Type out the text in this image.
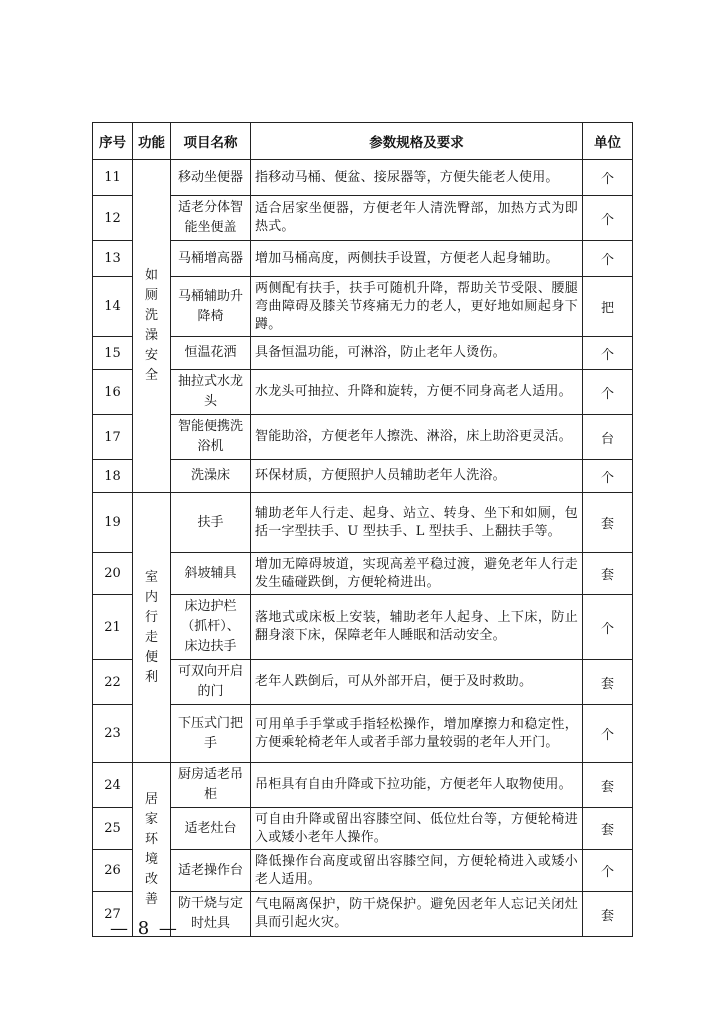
序号	功能	项目名称	参数规格及要求	单位
11	如厕洗澡安全	移动坐便器	指移动马桶、便盆、接尿器等，方便失能老人使用。	个
12		适老分体智能坐便盖	适合居家坐便器，方便老年人清洗臀部，加热方式为即热式。	个
13		马桶增高器	增加马桶高度，两侧扶手设置，方便老人起身辅助。	个
14		马桶辅助升降椅	两侧配有扶手，扶手可随机升降，帮助关节受限、腰腿弯曲障碍及膝关节疼痛无力的老人，更好地如厕起身下蹲。	把
15		恒温花洒	具备恒温功能，可淋浴，防止老年人烫伤。	个
16		抽拉式水龙头	水龙头可抽拉、升降和旋转，方便不同身高老人适用。	个
17		智能便携洗浴机	智能助浴，方便老年人擦洗、淋浴，床上助浴更灵活。	台
18		洗澡床	环保材质，方便照护人员辅助老年人洗浴。	个
19	室内行走便利	扶手	辅助老年人行走、起身、站立、转身、坐下和如厕，包括一字型扶手、U 型扶手、L 型扶手、上翻扶手等。	套
20		斜坡辅具	增加无障碍坡道，实现高差平稳过渡，避免老年人行走发生磕碰跌倒，方便轮椅进出。	套
21		床边护栏（抓杆）、床边扶手	落地式或床板上安装，辅助老年人起身、上下床，防止翻身滚下床，保障老年人睡眠和活动安全。	个
22		可双向开启的门	老年人跌倒后，可从外部开启，便于及时救助。	套
23		下压式门把手	可用单手手掌或手指轻松操作，增加摩擦力和稳定性，方便乘轮椅老年人或者手部力量较弱的老年人开门。	个
24	居家环境改善	厨房适老吊柜	吊柜具有自由升降或下拉功能，方便老年人取物使用。	套
25		适老灶台	可自由升降或留出容膝空间、低位灶台等，方便轮椅进入或矮小老年人操作。	套
26		适老操作台	降低操作台高度或留出容膝空间，方便轮椅进入或矮小老人适用。	个
27		防干烧与定时灶具	气电隔离保护，防干烧保护。避免因老年人忘记关闭灶具而引起火灾。	套
— 8 —
